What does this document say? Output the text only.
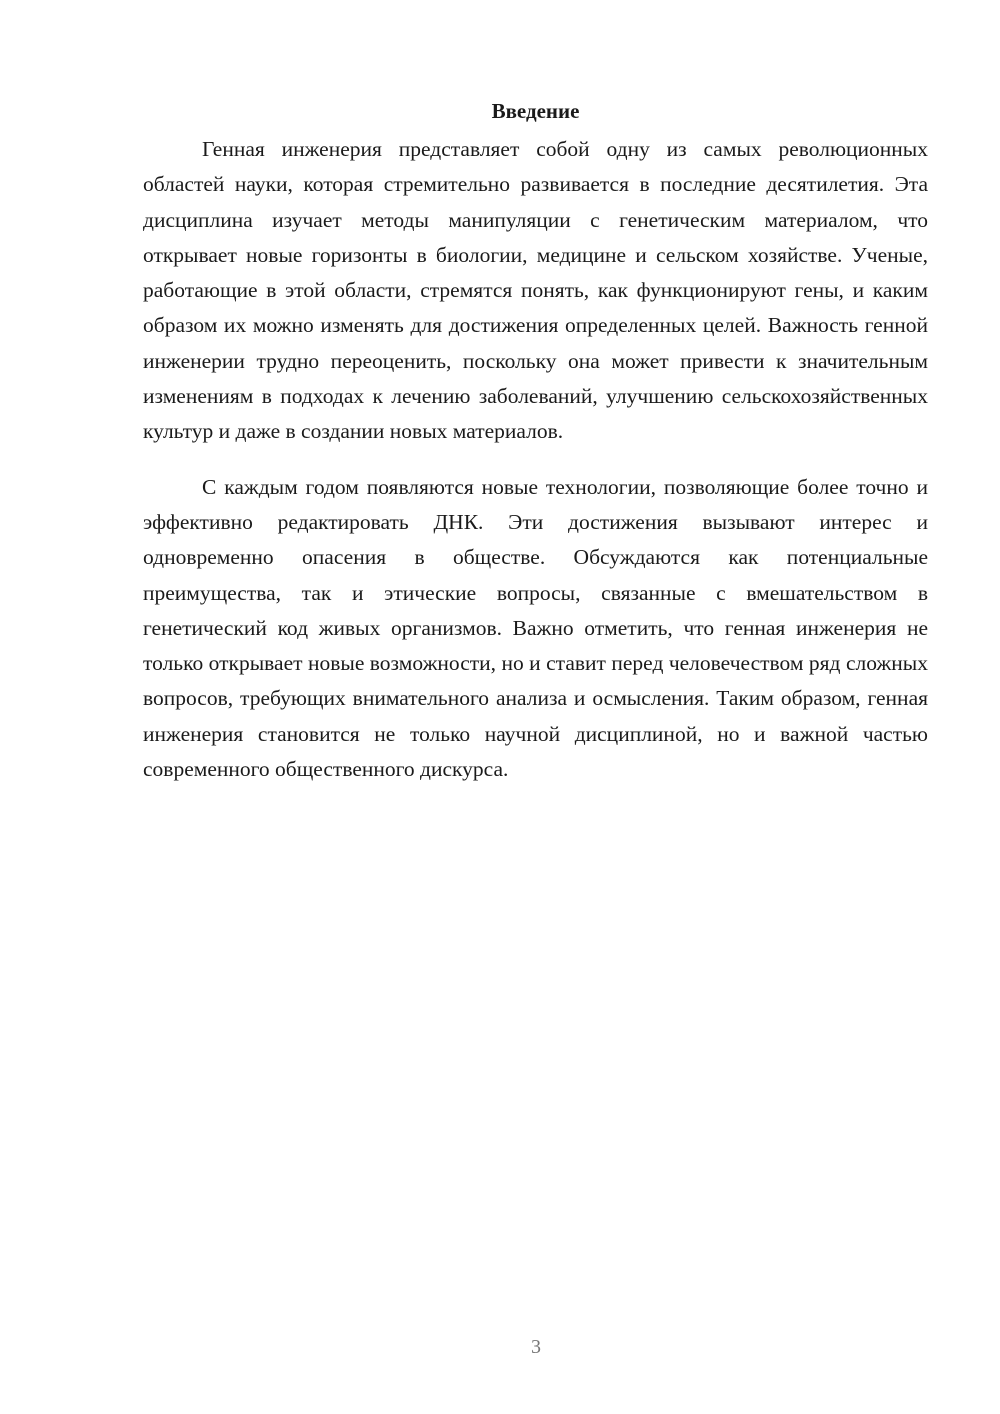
Введение

Генная инженерия представляет собой одну из самых революционных областей науки, которая стремительно развивается в последние десятилетия. Эта дисциплина изучает методы манипуляции с генетическим материалом, что открывает новые горизонты в биологии, медицине и сельском хозяйстве. Ученые, работающие в этой области, стремятся понять, как функционируют гены, и каким образом их можно изменять для достижения определенных целей. Важность генной инженерии трудно переоценить, поскольку она может привести к значительным изменениям в подходах к лечению заболеваний, улучшению сельскохозяйственных культур и даже в создании новых материалов.

С каждым годом появляются новые технологии, позволяющие более точно и эффективно редактировать ДНК. Эти достижения вызывают интерес и одновременно опасения в обществе. Обсуждаются как потенциальные преимущества, так и этические вопросы, связанные с вмешательством в генетический код живых организмов. Важно отметить, что генная инженерия не только открывает новые возможности, но и ставит перед человечеством ряд сложных вопросов, требующих внимательного анализа и осмысления. Таким образом, генная инженерия становится не только научной дисциплиной, но и важной частью современного общественного дискурса.

3
